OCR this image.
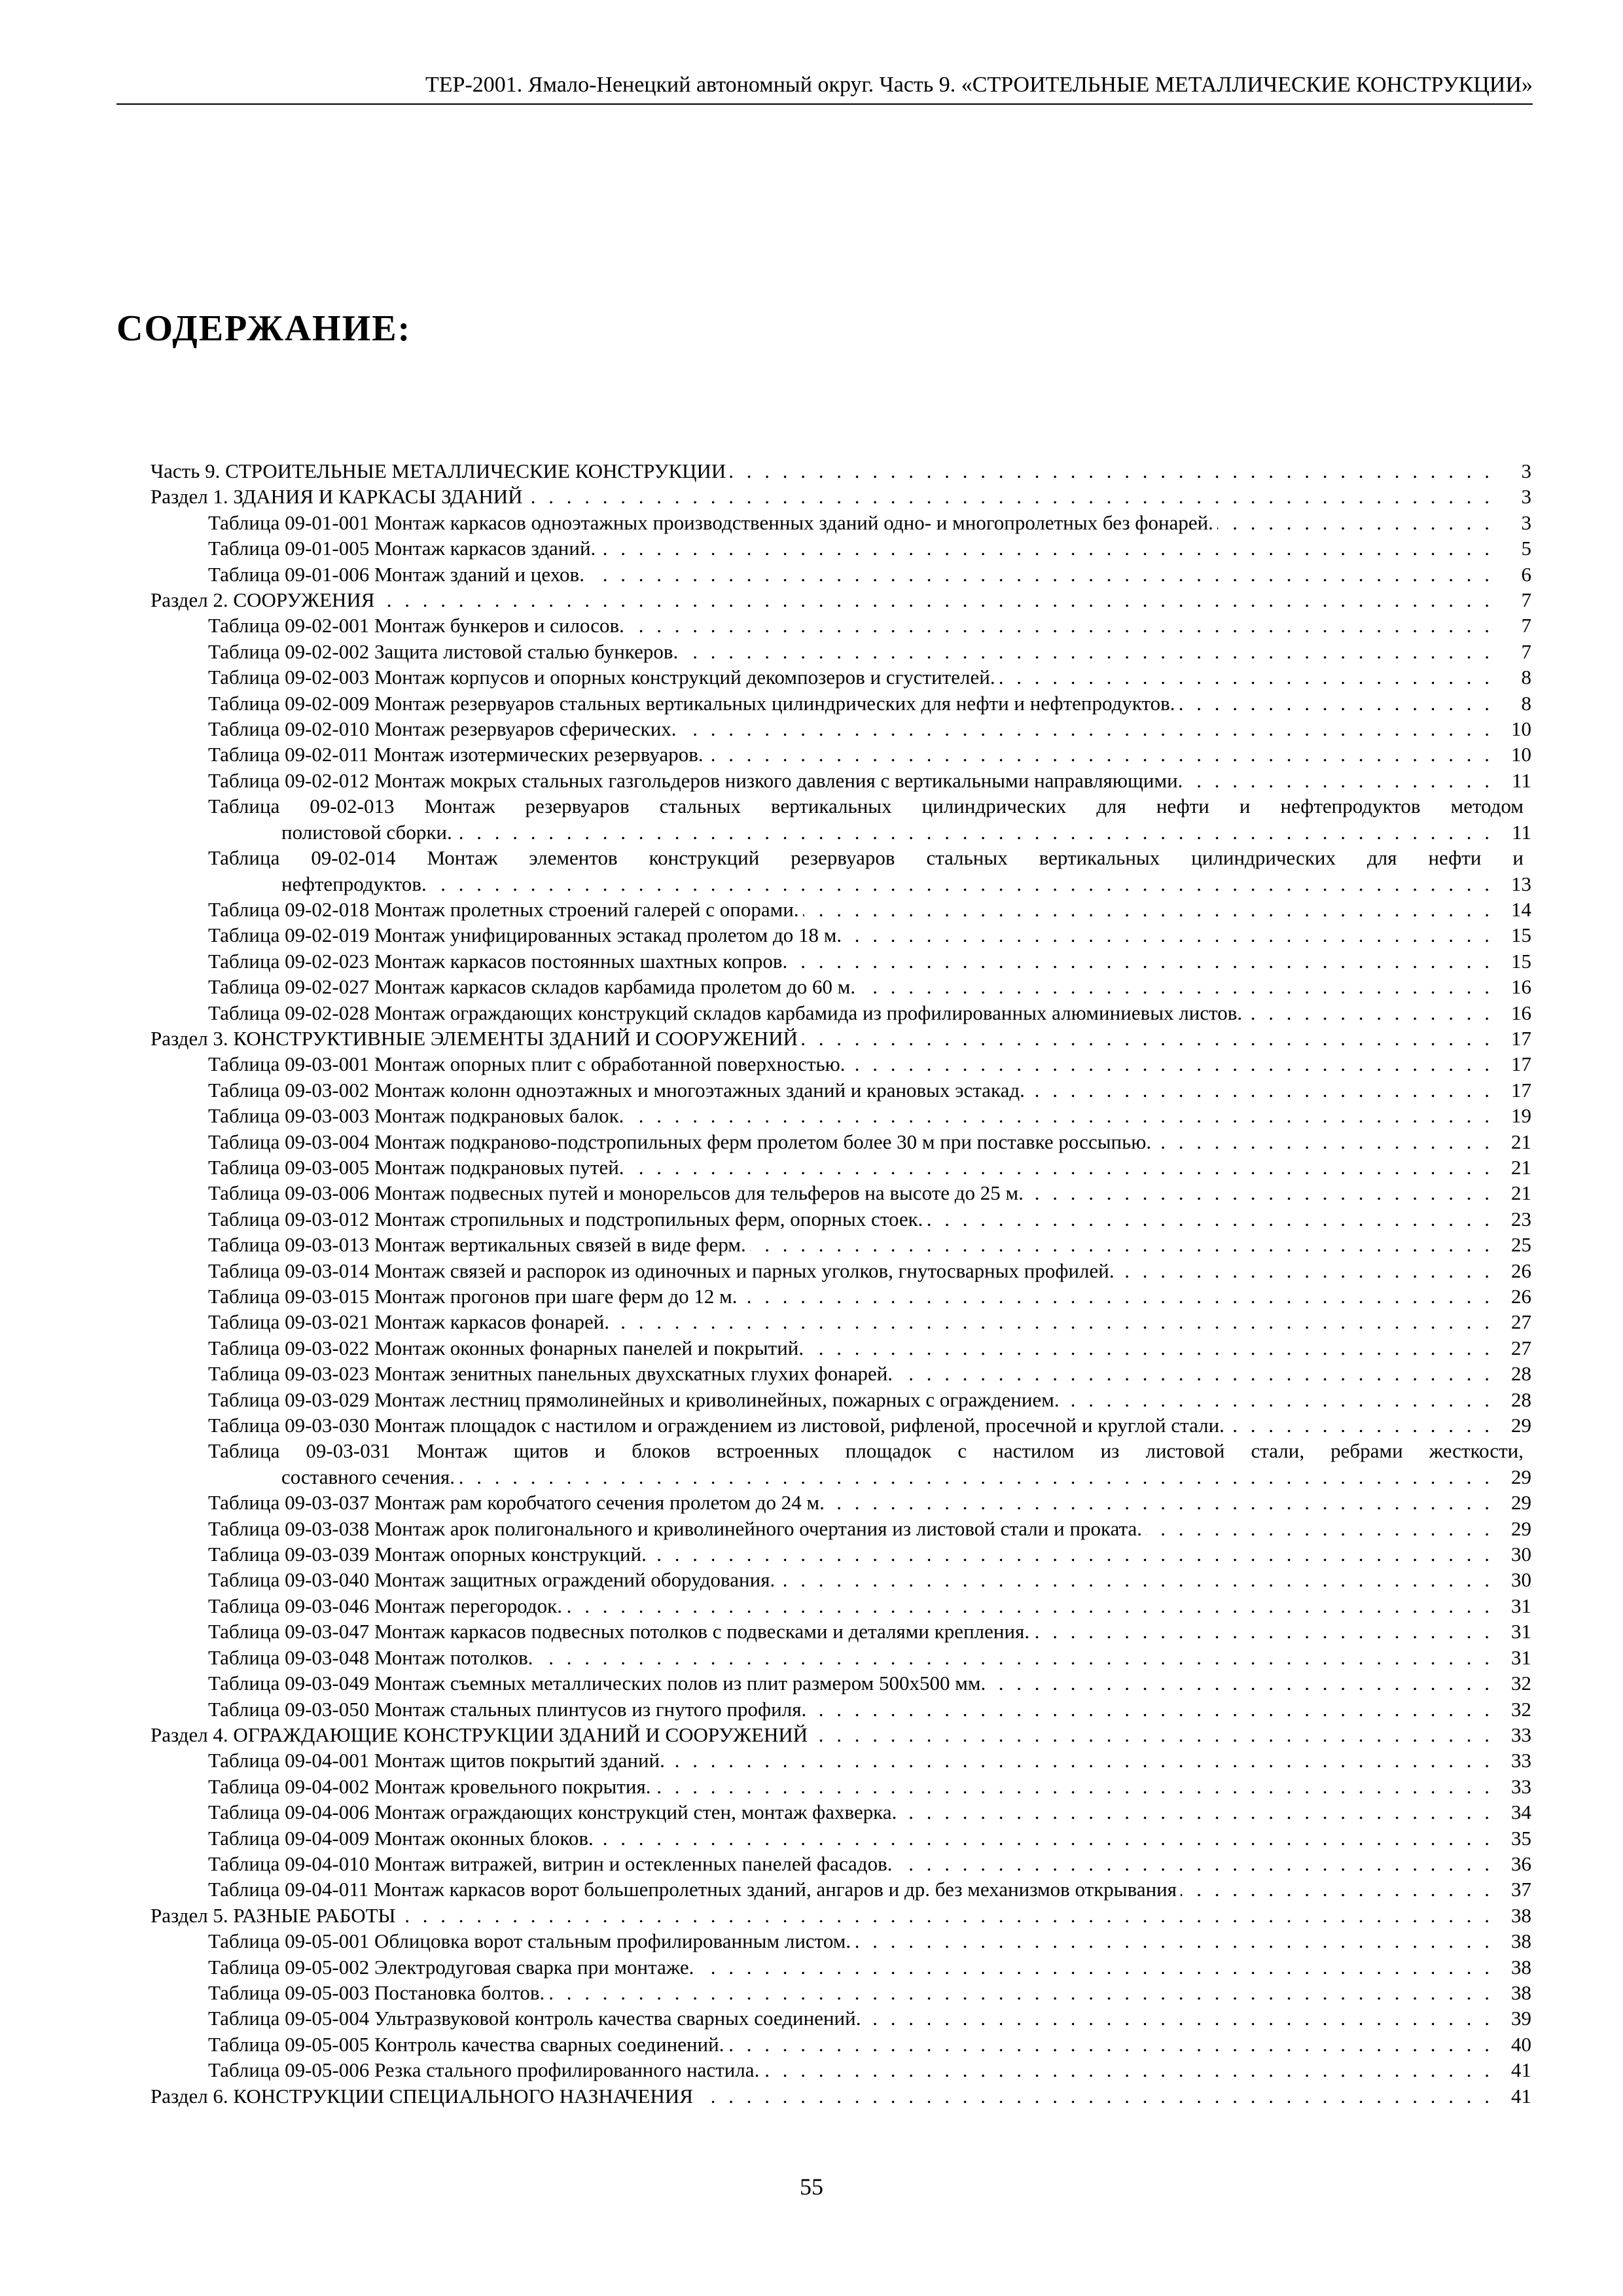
ТЕР-2001. Ямало-Ненецкий автономный округ. Часть 9. «СТРОИТЕЛЬНЫЕ МЕТАЛЛИЧЕСКИЕ КОНСТРУКЦИИ»
СОДЕРЖАНИЕ:
Часть 9. СТРОИТЕЛЬНЫЕ МЕТАЛЛИЧЕСКИЕ КОНСТРУКЦИИ . . .	3
Раздел 1. ЗДАНИЯ И КАРКАСЫ ЗДАНИЙ . . .	3
Таблица 09-01-001 Монтаж каркасов одноэтажных производственных зданий одно- и многопролетных без фонарей. . . .	3
Таблица 09-01-005 Монтаж каркасов зданий. . . .	5
Таблица 09-01-006 Монтаж зданий и цехов. . . .	6
Раздел 2. СООРУЖЕНИЯ . . .	7
Таблица 09-02-001 Монтаж бункеров и силосов. . . .	7
Таблица 09-02-002 Защита листовой сталью бункеров. . . .	7
Таблица 09-02-003 Монтаж корпусов и опорных конструкций декомпозеров и сгустителей. . . .	8
Таблица 09-02-009 Монтаж резервуаров стальных вертикальных цилиндрических для нефти и нефтепродуктов. . . .	8
Таблица 09-02-010 Монтаж резервуаров сферических. . . .	10
Таблица 09-02-011 Монтаж изотермических резервуаров. . . .	10
Таблица 09-02-012 Монтаж мокрых стальных газгольдеров низкого давления с вертикальными направляющими. . . .	11
Таблица 09-02-013 Монтаж резервуаров стальных вертикальных цилиндрических для нефти и нефтепродуктов методом
полистовой сборки. . . .	11
Таблица 09-02-014 Монтаж элементов конструкций резервуаров стальных вертикальных цилиндрических для нефти и
нефтепродуктов. . . .	13
Таблица 09-02-018 Монтаж пролетных строений галерей с опорами. . . .	14
Таблица 09-02-019 Монтаж унифицированных эстакад пролетом до 18 м. . . .	15
Таблица 09-02-023 Монтаж каркасов постоянных шахтных копров. . . .	15
Таблица 09-02-027 Монтаж каркасов складов карбамида пролетом до 60 м. . . .	16
Таблица 09-02-028 Монтаж ограждающих конструкций складов карбамида из профилированных алюминиевых листов. . . .	16
Раздел 3. КОНСТРУКТИВНЫЕ ЭЛЕМЕНТЫ ЗДАНИЙ И СООРУЖЕНИЙ . . .	17
Таблица 09-03-001 Монтаж опорных плит с обработанной поверхностью. . . .	17
Таблица 09-03-002 Монтаж колонн одноэтажных и многоэтажных зданий и крановых эстакад. . . .	17
Таблица 09-03-003 Монтаж подкрановых балок. . . .	19
Таблица 09-03-004 Монтаж подкраново-подстропильных ферм пролетом более 30 м при поставке россыпью. . . .	21
Таблица 09-03-005 Монтаж подкрановых путей. . . .	21
Таблица 09-03-006 Монтаж подвесных путей и монорельсов для тельферов на высоте до 25 м. . . .	21
Таблица 09-03-012 Монтаж стропильных и подстропильных ферм, опорных стоек. . . .	23
Таблица 09-03-013 Монтаж вертикальных связей в виде ферм. . . .	25
Таблица 09-03-014 Монтаж связей и распорок из одиночных и парных уголков, гнутосварных профилей. . . .	26
Таблица 09-03-015 Монтаж прогонов при шаге ферм до 12 м. . . .	26
Таблица 09-03-021 Монтаж каркасов фонарей. . . .	27
Таблица 09-03-022 Монтаж оконных фонарных панелей и покрытий. . . .	27
Таблица 09-03-023 Монтаж зенитных панельных двухскатных глухих фонарей. . . .	28
Таблица 09-03-029 Монтаж лестниц прямолинейных и криволинейных, пожарных с ограждением. . . .	28
Таблица 09-03-030 Монтаж площадок с настилом и ограждением из листовой, рифленой, просечной и круглой стали. . . .	29
Таблица 09-03-031 Монтаж щитов и блоков встроенных площадок с настилом из листовой стали, ребрами жесткости,
составного сечения. . . .	29
Таблица 09-03-037 Монтаж рам коробчатого сечения пролетом до 24 м. . . .	29
Таблица 09-03-038 Монтаж арок полигонального и криволинейного очертания из листовой стали и проката. . . .	29
Таблица 09-03-039 Монтаж опорных конструкций. . . .	30
Таблица 09-03-040 Монтаж защитных ограждений оборудования. . . .	30
Таблица 09-03-046 Монтаж перегородок. . . .	31
Таблица 09-03-047 Монтаж каркасов подвесных потолков с подвесками и деталями крепления. . . .	31
Таблица 09-03-048 Монтаж потолков. . . .	31
Таблица 09-03-049 Монтаж съемных металлических полов из плит размером 500x500 мм. . . .	32
Таблица 09-03-050 Монтаж стальных плинтусов из гнутого профиля. . . .	32
Раздел 4. ОГРАЖДАЮЩИЕ КОНСТРУКЦИИ ЗДАНИЙ И СООРУЖЕНИЙ . . .	33
Таблица 09-04-001 Монтаж щитов покрытий зданий. . . .	33
Таблица 09-04-002 Монтаж кровельного покрытия. . . .	33
Таблица 09-04-006 Монтаж ограждающих конструкций стен, монтаж фахверка. . . .	34
Таблица 09-04-009 Монтаж оконных блоков. . . .	35
Таблица 09-04-010 Монтаж витражей, витрин и остекленных панелей фасадов. . . .	36
Таблица 09-04-011 Монтаж каркасов ворот большепролетных зданий, ангаров и др. без механизмов открывания . . .	37
Раздел 5. РАЗНЫЕ РАБОТЫ . . .	38
Таблица 09-05-001 Облицовка ворот стальным профилированным листом. . . .	38
Таблица 09-05-002 Электродуговая сварка при монтаже. . . .	38
Таблица 09-05-003 Постановка болтов. . . .	38
Таблица 09-05-004 Ультразвуковой контроль качества сварных соединений. . . .	39
Таблица 09-05-005 Контроль качества сварных соединений. . . .	40
Таблица 09-05-006 Резка стального профилированного настила. . . .	41
Раздел 6. КОНСТРУКЦИИ СПЕЦИАЛЬНОГО НАЗНАЧЕНИЯ . . .	41
55
